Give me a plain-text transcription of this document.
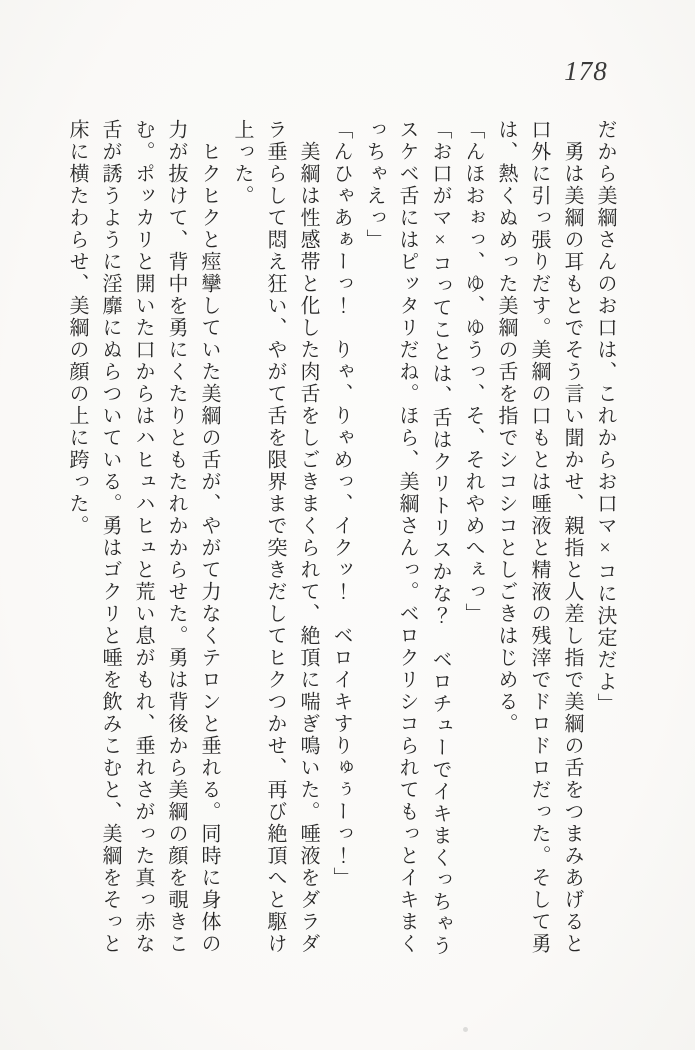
178

だから美綱さんのお口は、これからお口マ×コに決定だよ」

勇は美綱の耳もとでそう言い聞かせ、親指と人差し指で美綱の舌をつまみあげると

口外に引っ張りだす。美綱の口もとは唾液と精液の残滓でドロドロだった。そして勇

は、熱くぬめった美綱の舌を指でシコシコとしごきはじめる。

「んほおぉっ、ゆ、ゆうっ、そ、それやめへぇっ」

「お口がマ×コってことは、舌はクリトリスかな？　ベロチューでイキまくっちゃう

スケベ舌にはピッタリだね。ほら、美綱さんっ。ベロクリシコられてもっとイキまく

っちゃえっ」

「んひゃあぁーっ！　りゃ、りゃめっ、イクッ！　ベロイキすりゅぅーっ！」

美綱は性感帯と化した肉舌をしごきまくられて、絶頂に喘ぎ鳴いた。唾液をダラダ

ラ垂らして悶え狂い、やがて舌を限界まで突きだしてヒクつかせ、再び絶頂へと駆け

上った。

ヒクヒクと痙攣していた美綱の舌が、やがて力なくテロンと垂れる。同時に身体の

力が抜けて、背中を勇にくたりともたれかからせた。勇は背後から美綱の顔を覗きこ

む。ポッカリと開いた口からはハヒュハヒュと荒い息がもれ、垂れさがった真っ赤な

舌が誘うように淫靡にぬらついている。勇はゴクリと唾を飲みこむと、美綱をそっと

床に横たわらせ、美綱の顔の上に跨った。
